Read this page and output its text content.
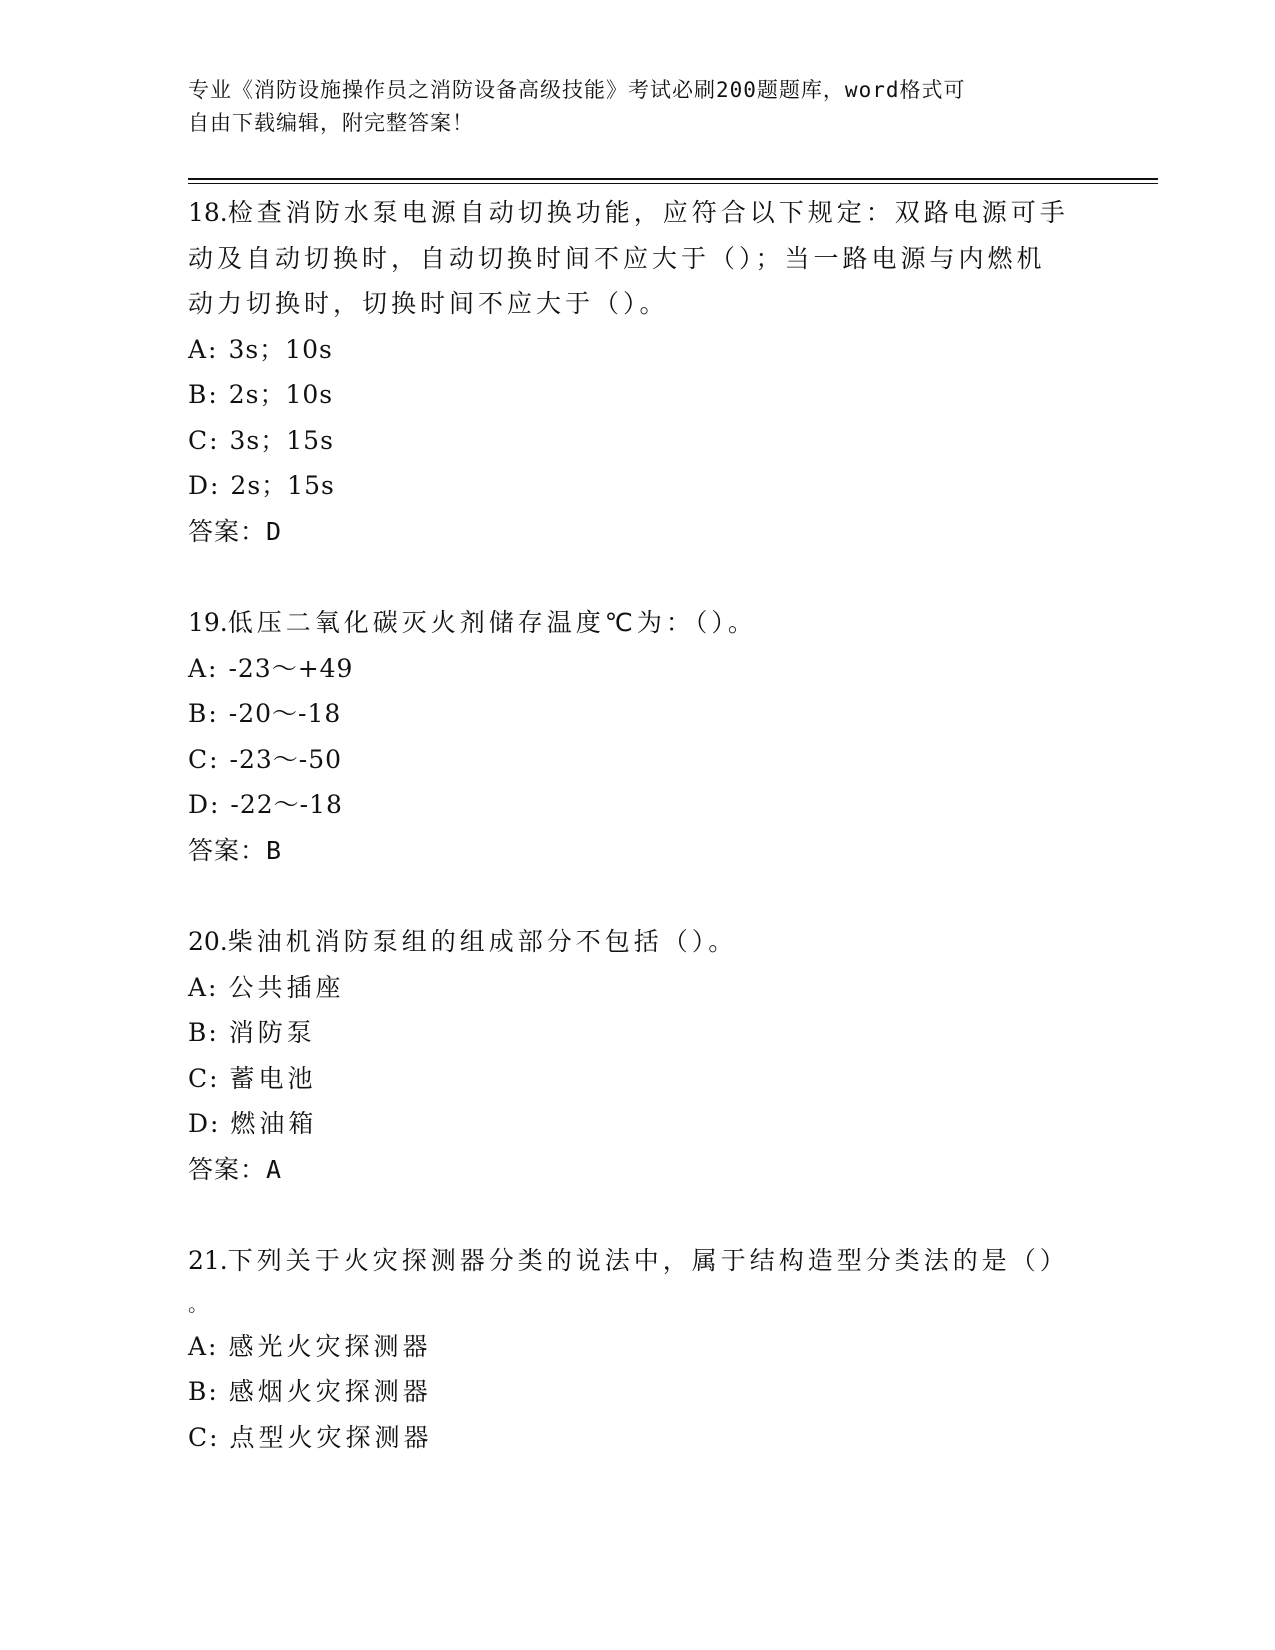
专业《消防设施操作员之消防设备高级技能》考试必刷200题题库，word格式可
自由下载编辑，附完整答案！
18.检查消防水泵电源自动切换功能，应符合以下规定：双路电源可手
动及自动切换时，自动切换时间不应大于（）；当一路电源与内燃机
动力切换时，切换时间不应大于（）。
A: 3s；10s
B: 2s；10s
C: 3s；15s
D: 2s；15s
答案：D
19.低压二氧化碳灭火剂储存温度℃为：（）。
A: -23～+49
B: -20～-18
C: -23～-50
D: -22～-18
答案：B
20.柴油机消防泵组的组成部分不包括（）。
A: 公共插座
B: 消防泵
C: 蓄电池
D: 燃油箱
答案：A
21.下列关于火灾探测器分类的说法中，属于结构造型分类法的是（）
。
A: 感光火灾探测器
B: 感烟火灾探测器
C: 点型火灾探测器
